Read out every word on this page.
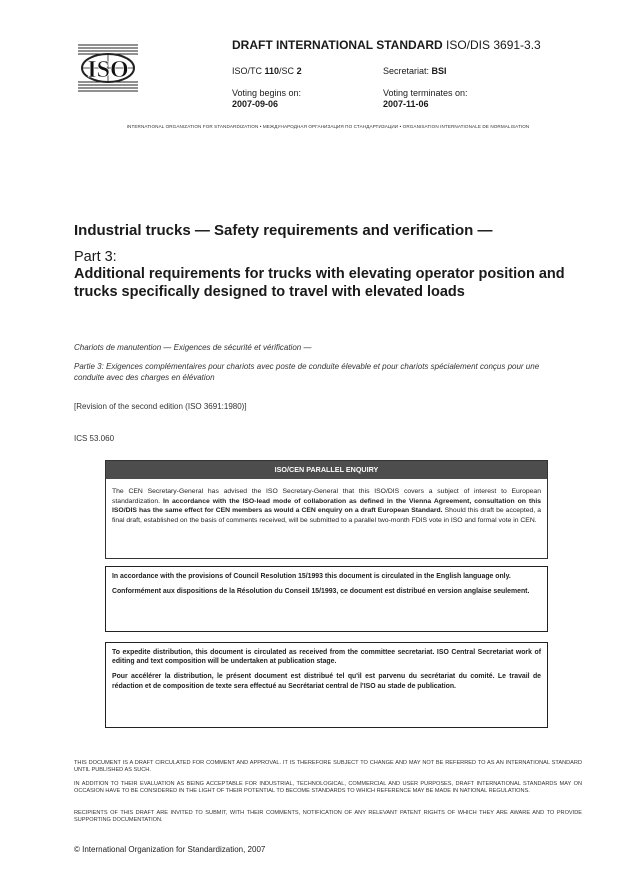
ISO
DRAFT INTERNATIONAL STANDARD ISO/DIS 3691-3.3
ISO/TC 110/SC 2	Secretariat: BSI
Voting begins on:
2007-09-06
Voting terminates on:
2007-11-06
INTERNATIONAL ORGANIZATION FOR STANDARDIZATION • МЕЖДУНАРОДНАЯ ОРГАНИЗАЦИЯ ПО СТАНДАРТИЗАЦИИ • ORGANISATION INTERNATIONALE DE NORMALISATION
Industrial trucks — Safety requirements and verification —
Part 3:
Additional requirements for trucks with elevating operator position and trucks specifically designed to travel with elevated loads
Chariots de manutention — Exigences de sécurité et vérification —
Partie 3: Exigences complémentaires pour chariots avec poste de conduite élevable et pour chariots spécialement conçus pour une conduite avec des charges en élévation
[Revision of the second edition (ISO 3691:1980)]
ICS 53.060
ISO/CEN PARALLEL ENQUIRY
The CEN Secretary-General has advised the ISO Secretary-General that this ISO/DIS covers a subject of interest to European standardization. In accordance with the ISO-lead mode of collaboration as defined in the Vienna Agreement, consultation on this ISO/DIS has the same effect for CEN members as would a CEN enquiry on a draft European Standard. Should this draft be accepted, a final draft, established on the basis of comments received, will be submitted to a parallel two-month FDIS vote in ISO and formal vote in CEN.

In accordance with the provisions of Council Resolution 15/1993 this document is circulated in the English language only.

Conformément aux dispositions de la Résolution du Conseil 15/1993, ce document est distribué en version anglaise seulement.

To expedite distribution, this document is circulated as received from the committee secretariat. ISO Central Secretariat work of editing and text composition will be undertaken at publication stage.

Pour accélérer la distribution, le présent document est distribué tel qu'il est parvenu du secrétariat du comité. Le travail de rédaction et de composition de texte sera effectué au Secrétariat central de l'ISO au stade de publication.

THIS DOCUMENT IS A DRAFT CIRCULATED FOR COMMENT AND APPROVAL. IT IS THEREFORE SUBJECT TO CHANGE AND MAY NOT BE REFERRED TO AS AN INTERNATIONAL STANDARD UNTIL PUBLISHED AS SUCH.

IN ADDITION TO THEIR EVALUATION AS BEING ACCEPTABLE FOR INDUSTRIAL, TECHNOLOGICAL, COMMERCIAL AND USER PURPOSES, DRAFT INTERNATIONAL STANDARDS MAY ON OCCASION HAVE TO BE CONSIDERED IN THE LIGHT OF THEIR POTENTIAL TO BECOME STANDARDS TO WHICH REFERENCE MAY BE MADE IN NATIONAL REGULATIONS.

RECIPIENTS OF THIS DRAFT ARE INVITED TO SUBMIT, WITH THEIR COMMENTS, NOTIFICATION OF ANY RELEVANT PATENT RIGHTS OF WHICH THEY ARE AWARE AND TO PROVIDE SUPPORTING DOCUMENTATION.

© International Organization for Standardization, 2007
